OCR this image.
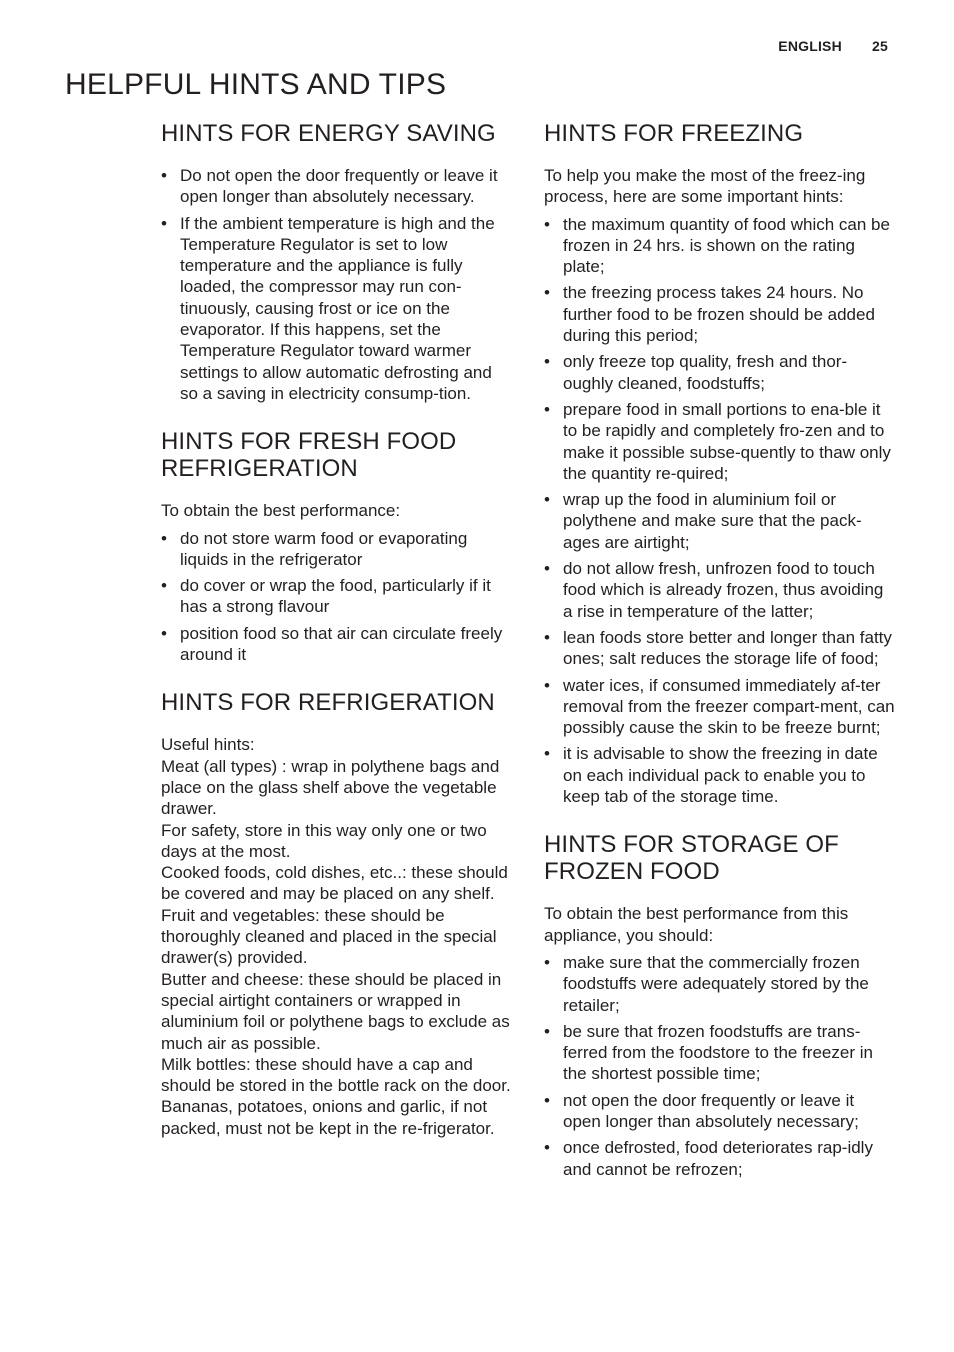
ENGLISH 25
HELPFUL HINTS AND TIPS
HINTS FOR ENERGY SAVING
• Do not open the door frequently or leave it open longer than absolutely necessary.
• If the ambient temperature is high and the Temperature Regulator is set to low temperature and the appliance is fully loaded, the compressor may run con-tinuously, causing frost or ice on the evaporator. If this happens, set the Temperature Regulator toward warmer settings to allow automatic defrosting and so a saving in electricity consump-tion.
HINTS FOR FRESH FOOD REFRIGERATION

To obtain the best performance:

• do not store warm food or evaporating liquids in the refrigerator
• do cover or wrap the food, particularly if it has a strong flavour
• position food so that air can circulate freely around it
HINTS FOR REFRIGERATION

Useful hints:

Meat (all types) : wrap in polythene bags and place on the glass shelf above the vegetable drawer.

For safety, store in this way only one or two days at the most.

Cooked foods, cold dishes, etc..: these should be covered and may be placed on any shelf.

Fruit and vegetables: these should be thoroughly cleaned and placed in the special drawer(s) provided.

Butter and cheese: these should be placed in special airtight containers or wrapped in aluminium foil or polythene bags to exclude as much air as possible.

Milk bottles: these should have a cap and should be stored in the bottle rack on the door.

Bananas, potatoes, onions and garlic, if not packed, must not be kept in the re-frigerator.

HINTS FOR FREEZING

To help you make the most of the freez-ing process, here are some important hints:

• the maximum quantity of food which can be frozen in 24 hrs. is shown on the rating plate;
• the freezing process takes 24 hours. No further food to be frozen should be added during this period;
• only freeze top quality, fresh and thor-oughly cleaned, foodstuffs;
• prepare food in small portions to ena-ble it to be rapidly and completely fro-zen and to make it possible subse-quently to thaw only the quantity re-quired;
• wrap up the food in aluminium foil or polythene and make sure that the pack-ages are airtight;
• do not allow fresh, unfrozen food to touch food which is already frozen, thus avoiding a rise in temperature of the latter;
• lean foods store better and longer than fatty ones; salt reduces the storage life of food;
• water ices, if consumed immediately af-ter removal from the freezer compart-ment, can possibly cause the skin to be freeze burnt;
• it is advisable to show the freezing in date on each individual pack to enable you to keep tab of the storage time.
HINTS FOR STORAGE OF FROZEN FOOD

To obtain the best performance from this appliance, you should:

• make sure that the commercially frozen foodstuffs were adequately stored by the retailer;
• be sure that frozen foodstuffs are trans-ferred from the foodstore to the freezer in the shortest possible time;
• not open the door frequently or leave it open longer than absolutely necessary;
• once defrosted, food deteriorates rap-idly and cannot be refrozen;
